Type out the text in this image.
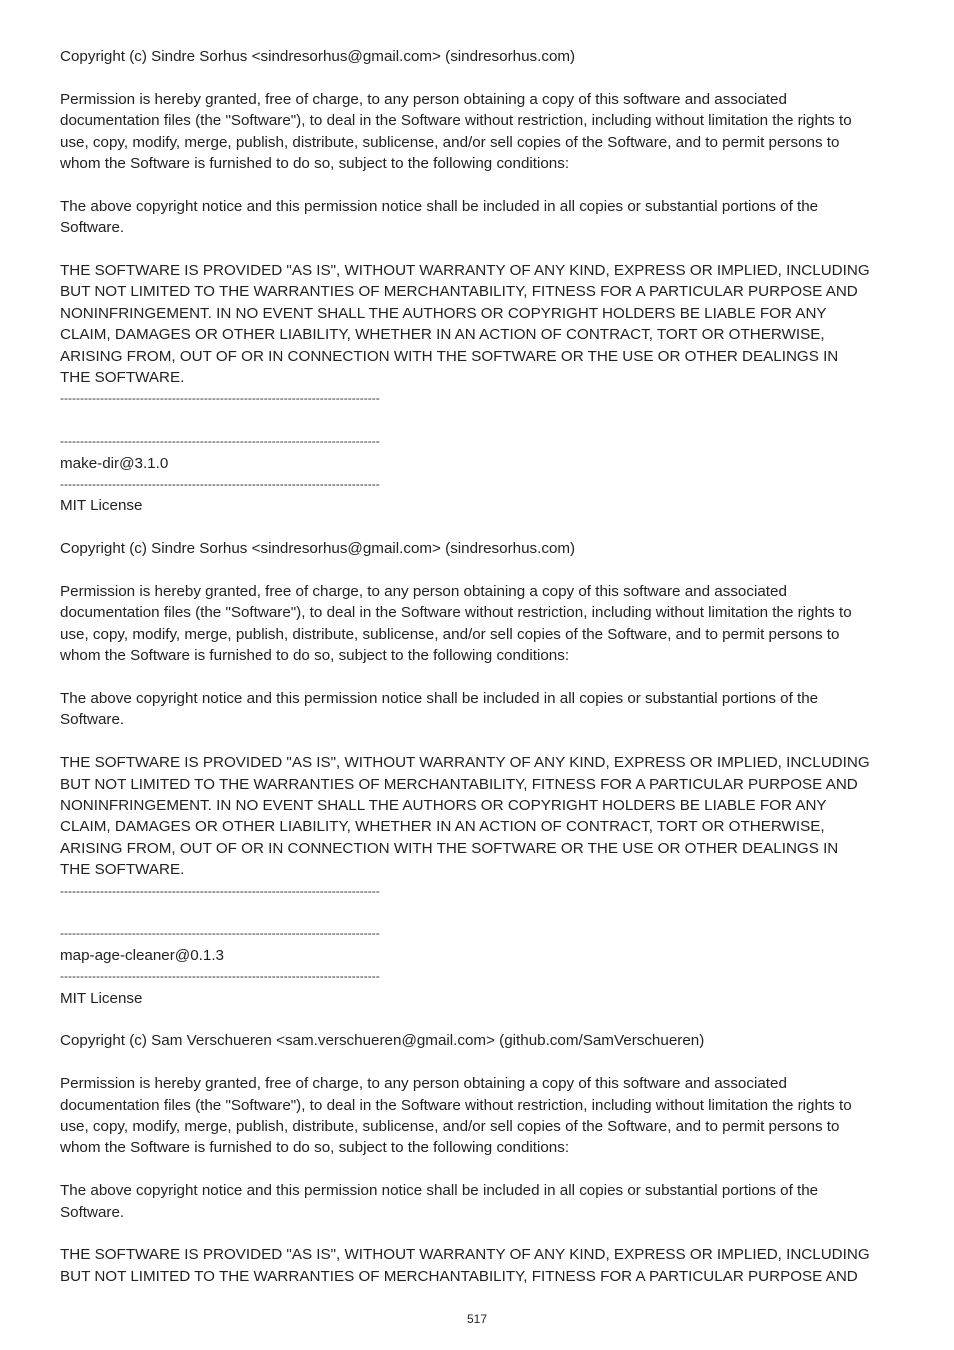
Copyright (c) Sindre Sorhus <sindresorhus@gmail.com> (sindresorhus.com)

Permission is hereby granted, free of charge, to any person obtaining a copy of this software and associated
documentation files (the "Software"), to deal in the Software without restriction, including without limitation the rights to
use, copy, modify, merge, publish, distribute, sublicense, and/or sell copies of the Software, and to permit persons to
whom the Software is furnished to do so, subject to the following conditions:

The above copyright notice and this permission notice shall be included in all copies or substantial portions of the
Software.

THE SOFTWARE IS PROVIDED "AS IS", WITHOUT WARRANTY OF ANY KIND, EXPRESS OR IMPLIED, INCLUDING
BUT NOT LIMITED TO THE WARRANTIES OF MERCHANTABILITY, FITNESS FOR A PARTICULAR PURPOSE AND
NONINFRINGEMENT. IN NO EVENT SHALL THE AUTHORS OR COPYRIGHT HOLDERS BE LIABLE FOR ANY
CLAIM, DAMAGES OR OTHER LIABILITY, WHETHER IN AN ACTION OF CONTRACT, TORT OR OTHERWISE,
ARISING FROM, OUT OF OR IN CONNECTION WITH THE SOFTWARE OR THE USE OR OTHER DEALINGS IN
THE SOFTWARE.

--------------------------------------------------------------------------------
--------------------------------------------------------------------------------

make-dir@3.1.0

--------------------------------------------------------------------------------

MIT License

Copyright (c) Sindre Sorhus <sindresorhus@gmail.com> (sindresorhus.com)

Permission is hereby granted, free of charge, to any person obtaining a copy of this software and associated
documentation files (the "Software"), to deal in the Software without restriction, including without limitation the rights to
use, copy, modify, merge, publish, distribute, sublicense, and/or sell copies of the Software, and to permit persons to
whom the Software is furnished to do so, subject to the following conditions:

The above copyright notice and this permission notice shall be included in all copies or substantial portions of the
Software.

THE SOFTWARE IS PROVIDED "AS IS", WITHOUT WARRANTY OF ANY KIND, EXPRESS OR IMPLIED, INCLUDING
BUT NOT LIMITED TO THE WARRANTIES OF MERCHANTABILITY, FITNESS FOR A PARTICULAR PURPOSE AND
NONINFRINGEMENT. IN NO EVENT SHALL THE AUTHORS OR COPYRIGHT HOLDERS BE LIABLE FOR ANY
CLAIM, DAMAGES OR OTHER LIABILITY, WHETHER IN AN ACTION OF CONTRACT, TORT OR OTHERWISE,
ARISING FROM, OUT OF OR IN CONNECTION WITH THE SOFTWARE OR THE USE OR OTHER DEALINGS IN
THE SOFTWARE.

--------------------------------------------------------------------------------
--------------------------------------------------------------------------------

map-age-cleaner@0.1.3

--------------------------------------------------------------------------------

MIT License

Copyright (c) Sam Verschueren <sam.verschueren@gmail.com> (github.com/SamVerschueren)

Permission is hereby granted, free of charge, to any person obtaining a copy of this software and associated
documentation files (the "Software"), to deal in the Software without restriction, including without limitation the rights to
use, copy, modify, merge, publish, distribute, sublicense, and/or sell copies of the Software, and to permit persons to
whom the Software is furnished to do so, subject to the following conditions:

The above copyright notice and this permission notice shall be included in all copies or substantial portions of the
Software.

THE SOFTWARE IS PROVIDED "AS IS", WITHOUT WARRANTY OF ANY KIND, EXPRESS OR IMPLIED, INCLUDING
BUT NOT LIMITED TO THE WARRANTIES OF MERCHANTABILITY, FITNESS FOR A PARTICULAR PURPOSE AND

517
